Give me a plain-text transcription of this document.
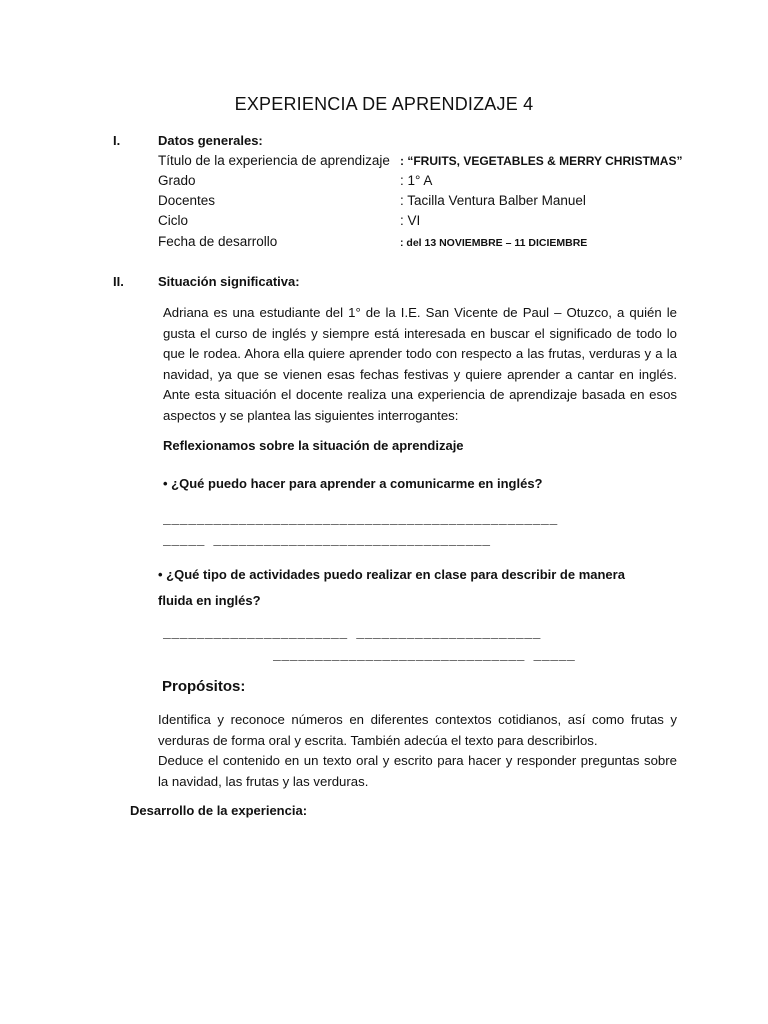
EXPERIENCIA DE APRENDIZAJE 4
I.	Datos generales:
Título de la experiencia de aprendizaje : “FRUITS, VEGETABLES & MERRY CHRISTMAS”
Grado	: 1° A
Docentes	: Tacilla Ventura Balber Manuel
Ciclo	: VI
Fecha de desarrollo	: del 13 NOVIEMBRE – 11 DICIEMBRE
II.	Situación significativa:

Adriana es una estudiante del 1° de la I.E. San Vicente de Paul – Otuzco, a quién le gusta el curso de inglés y siempre está interesada en buscar el significado de todo lo que le rodea. Ahora ella quiere aprender todo con respecto a las frutas, verduras y a la navidad, ya que se vienen esas fechas festivas y quiere aprender a cantar en inglés. Ante esta situación el docente realiza una experiencia de aprendizaje basada en esos aspectos y se plantea las siguientes interrogantes:

Reflexionamos sobre la situación de aprendizaje
• ¿Qué puedo hacer para aprender a comunicarme en inglés?
_______________________________________________
_____ _________________________________
• ¿Qué tipo de actividades puedo realizar en clase para describir de manera
fluida en inglés?
______________________ ______________________
______________________________ _____
Propósitos:

Identifica y reconoce números en diferentes contextos cotidianos, así como frutas y verduras de forma oral y escrita. También adecúa el texto para describirlos.

Deduce el contenido en un texto oral y escrito para hacer y responder preguntas sobre la navidad, las frutas y las verduras.

Desarrollo de la experiencia:
